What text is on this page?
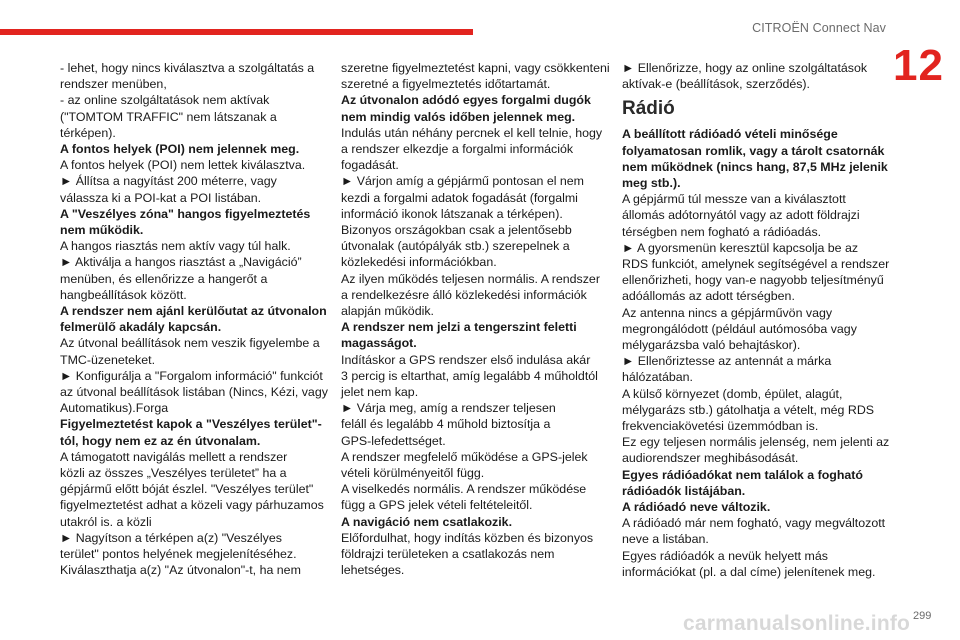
CITROËN Connect Nav
12
- lehet, hogy nincs kiválasztva a szolgáltatás a
rendszer menüben,
- az online szolgáltatások nem aktívak
("TOMTOM TRAFFIC" nem látszanak a
térképen).
A fontos helyek (POI) nem jelennek meg.
A fontos helyek (POI) nem lettek kiválasztva.
► Állítsa a nagyítást 200 méterre, vagy
válassza ki a POI-kat a POI listában.
A "Veszélyes zóna" hangos figyelmeztetés
nem működik.
A hangos riasztás nem aktív vagy túl halk.
► Aktiválja a hangos riasztást a „Navigáció”
menüben, és ellenőrizze a hangerőt a
hangbeállítások között.
A rendszer nem ajánl kerülőutat az útvonalon
felmerülő akadály kapcsán.
Az útvonal beállítások nem veszik figyelembe a
TMC-üzeneteket.
► Konfigurálja a "Forgalom információ" funkciót
az útvonal beállítások listában (Nincs, Kézi, vagy
Automatikus).Forga
Figyelmeztetést kapok a "Veszélyes terület"-
tól, hogy nem ez az én útvonalam.
A támogatott navigálás mellett a rendszer
közli az összes „Veszélyes területet” ha a
gépjármű előtt bóját észlel. "Veszélyes terület"
figyelmeztetést adhat a közeli vagy párhuzamos
utakról is. a közli
► Nagyítson a térképen a(z) "Veszélyes
terület" pontos helyének megjelenítéséhez.
Kiválaszthatja a(z) "Az útvonalon"-t, ha nem
szeretne figyelmeztetést kapni, vagy csökkenteni
szeretné a figyelmeztetés időtartamát.
Az útvonalon adódó egyes forgalmi dugók
nem mindig valós időben jelennek meg.
Indulás után néhány percnek el kell telnie, hogy
a rendszer elkezdje a forgalmi információk
fogadását.
► Várjon amíg a gépjármű pontosan el nem
kezdi a forgalmi adatok fogadását (forgalmi
információ ikonok látszanak a térképen).
Bizonyos országokban csak a jelentősebb
útvonalak (autópályák stb.) szerepelnek a
közlekedési információkban.
Az ilyen működés teljesen normális. A rendszer
a rendelkezésre álló közlekedési információk
alapján működik.
A rendszer nem jelzi a tengerszint feletti
magasságot.
Indításkor a GPS rendszer első indulása akár
3 percig is eltarthat, amíg legalább 4 műholdtól
jelet nem kap.
► Várja meg, amíg a rendszer teljesen
feláll és legalább 4 műhold biztosítja a
GPS-lefedettséget.
A rendszer megfelelő működése a GPS-jelek
vételi körülményeitől függ.
A viselkedés normális. A rendszer működése
függ a GPS jelek vételi feltételeitől.
A navigáció nem csatlakozik.
Előfordulhat, hogy indítás közben és bizonyos
földrajzi területeken a csatlakozás nem
lehetséges.
► Ellenőrizze, hogy az online szolgáltatások
aktívak-e (beállítások, szerződés).
Rádió
A beállított rádióadó vételi minősége
folyamatosan romlik, vagy a tárolt csatornák
nem működnek (nincs hang, 87,5 MHz jelenik
meg stb.).
A gépjármű túl messze van a kiválasztott
állomás adótornyától vagy az adott földrajzi
térségben nem fogható a rádióadás.
► A gyorsmenün keresztül kapcsolja be az
RDS funkciót, amelynek segítségével a rendszer
ellenőrizheti, hogy van-e nagyobb teljesítményű
adóállomás az adott térségben.
Az antenna nincs a gépjárművön vagy
megrongálódott (például autómosóba vagy
mélygarázsba való behajtáskor).
► Ellenőriztesse az antennát a márka
hálózatában.
A külső környezet (domb, épület, alagút,
mélygarázs stb.) gátolhatja a vételt, még RDS
frekvenciakövetési üzemmódban is.
Ez egy teljesen normális jelenség, nem jelenti az
audiorendszer meghibásodását.
Egyes rádióadókat nem találok a fogható
rádióadók listájában.
A rádióadó neve változik.
A rádióadó már nem fogható, vagy megváltozott
neve a listában.
Egyes rádióadók a nevük helyett más
információkat (pl. a dal címe) jelenítenek meg.
carmanualsonline.info 299
